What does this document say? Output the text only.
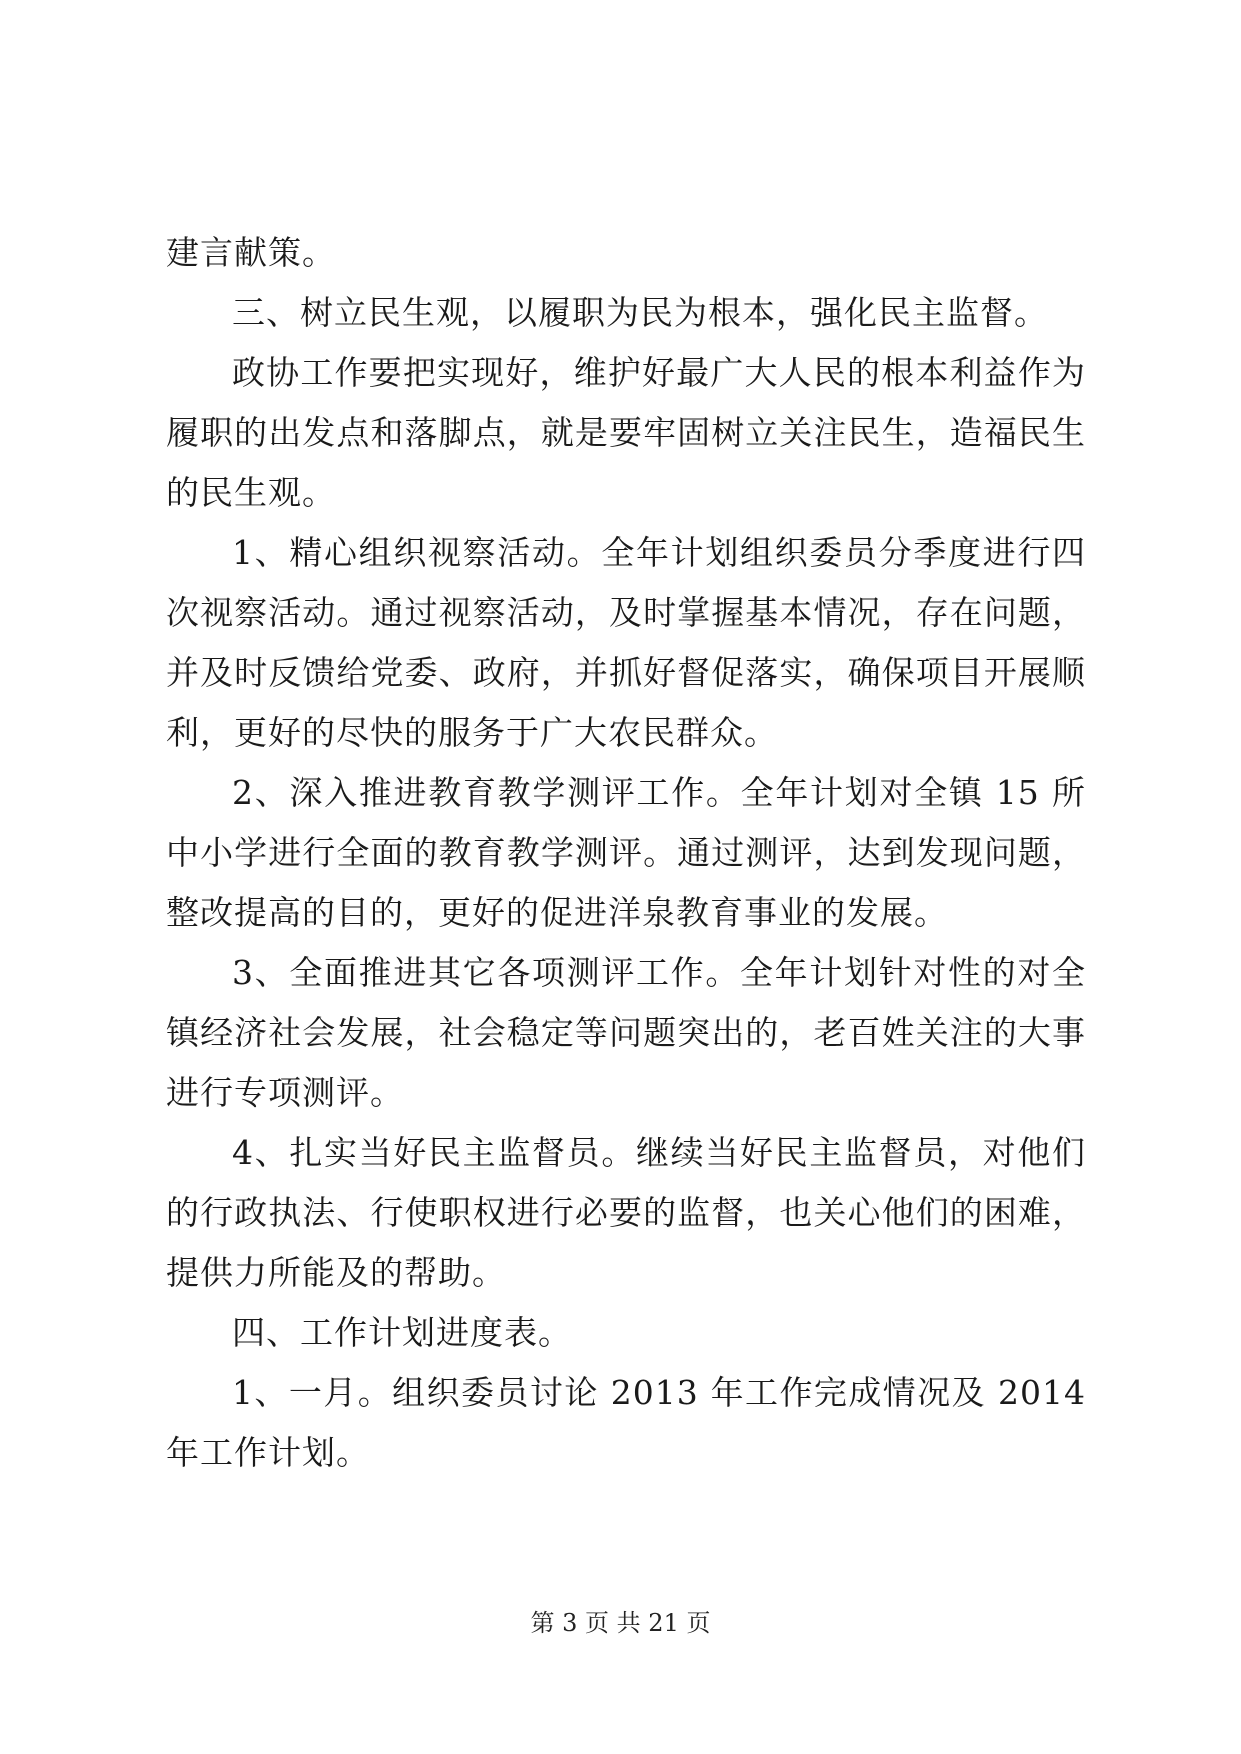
建言献策。

三、树立民生观，以履职为民为根本，强化民主监督。

政协工作要把实现好，维护好最广大人民的根本利益作为履职的出发点和落脚点，就是要牢固树立关注民生，造福民生的民生观。

1、精心组织视察活动。全年计划组织委员分季度进行四次视察活动。通过视察活动，及时掌握基本情况，存在问题，并及时反馈给党委、政府，并抓好督促落实，确保项目开展顺利，更好的尽快的服务于广大农民群众。

2、深入推进教育教学测评工作。全年计划对全镇 15 所中小学进行全面的教育教学测评。通过测评，达到发现问题，整改提高的目的，更好的促进洋泉教育事业的发展。

3、全面推进其它各项测评工作。全年计划针对性的对全镇经济社会发展，社会稳定等问题突出的，老百姓关注的大事进行专项测评。

4、扎实当好民主监督员。继续当好民主监督员，对他们的行政执法、行使职权进行必要的监督，也关心他们的困难，提供力所能及的帮助。

四、工作计划进度表。

1、一月。组织委员讨论 2013 年工作完成情况及 2014 年工作计划。

第 3 页 共 21 页
